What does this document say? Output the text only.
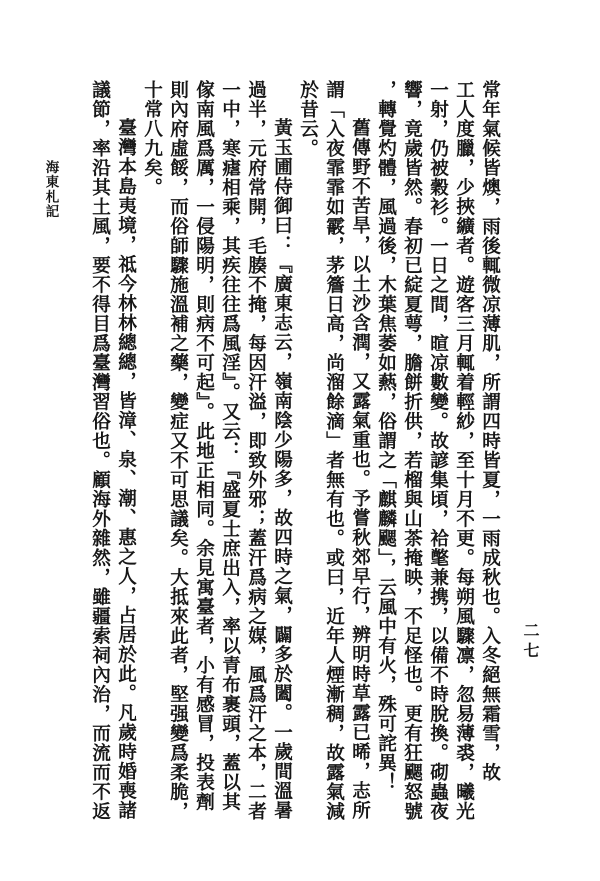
常年氣候皆燠，雨後輒微凉薄肌，所謂四時皆夏，一雨成秋也。入冬絕無霜雪，故
工人度臘，少挾纊者。遊客三月輒着輕紗，至十月不更。每朔風驟凛，忽易薄裘，曦光
一射，仍被穀衫。一日之間，暄凉數變。故諺集頃，袷氅兼携，以備不時脫換。砌蟲夜
響，竟歲皆然。春初已綻夏萼，膽餅折供，若榴與山茶掩映，不足怪也。更有狂颸怒號
，轉覺灼體，風過後，木葉焦萎如爇，俗謂之「麒麟颸」，云風中有火，殊可詫異！
舊傳野不苦旱，以土沙含潤，又露氣重也。予嘗秋郊早行，辨明時草露已晞，志所
謂「入夜霏霏如霰，茅簷日高，尚溜餘滴」者無有也。或曰，近年人煙漸稠，故露氣減
於昔云。
黃玉圃侍御曰：『廣東志云，嶺南陰少陽多，故四時之氣，闢多於闔。一歲間溫暑
過半，元府常開，毛腠不掩，每因汗溢，即致外邪；蓋汗爲病之媒，風爲汗之本，二者
一中，寒瘧相乘，其疾往往爲風淫』。又云：『盛夏士庶出入，率以青布裹頭，蓋以其
傢南風爲厲，一侵陽明，則病不可起』。此地正相同。余見寓臺者，小有感冒，投表劑
則內府虛餒，而俗師驟施溫補之藥，變症又不可思議矣。大抵來此者，堅强變爲柔脆，
十常八九矣。
臺灣本島夷境，祗今林林總總，皆漳、泉、潮、惠之人，占居於此。凡歲時婚喪諸
議節，率沿其土風，要不得目爲臺灣習俗也。顧海外雜然，雖疆索祠內治，而流而不返
海東札記
二七
